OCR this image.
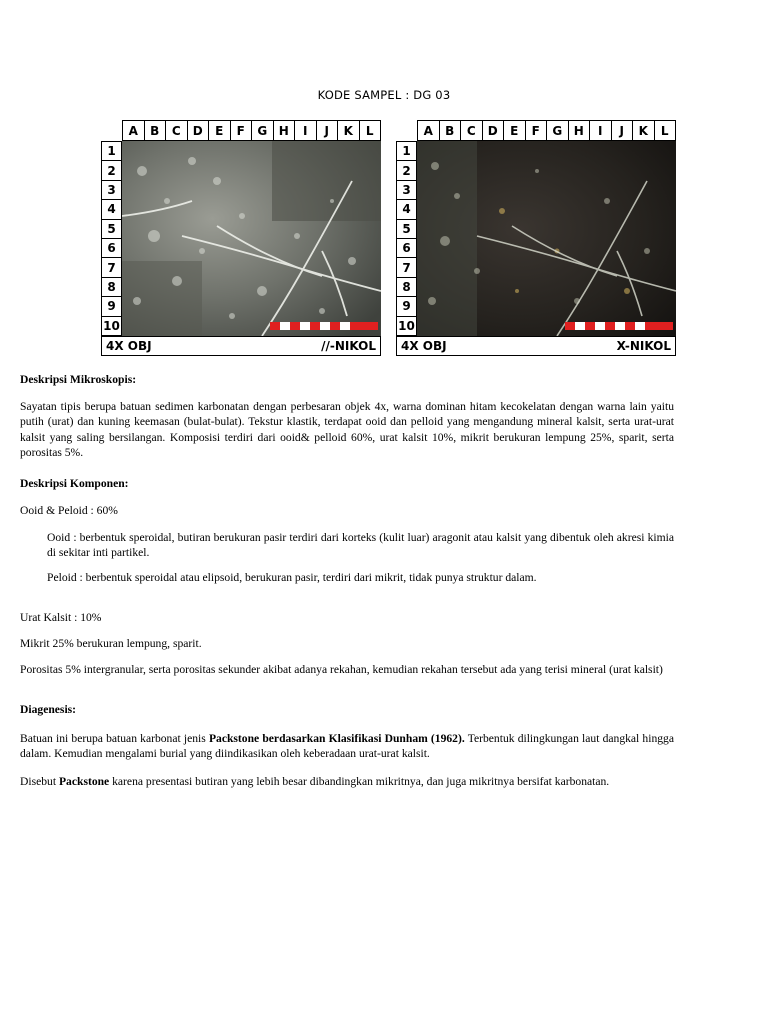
KODE SAMPEL : DG 03
A	B	C	D	E	F	G H	I	J	K	L
1
2
3
4
5
6
7
8
9
10
4X OBJ	//-NIKOL
A	B	C	D	E	F	G H	I	J	K	L
1
2
3
4
5
6
7
8
9
10
4X OBJ	X-NIKOL
Deskripsi Mikroskopis:
Sayatan tipis berupa batuan sedimen karbonatan dengan perbesaran objek 4x, warna dominan hitam kecokelatan dengan warna lain yaitu putih (urat) dan kuning keemasan (bulat-bulat). Tekstur klastik, terdapat ooid dan pelloid yang mengandung mineral kalsit, serta urat-urat kalsit yang saling bersilangan. Komposisi terdiri dari ooid& pelloid 60%, urat kalsit 10%, mikrit berukuran lempung 25%, sparit, serta porositas 5%.
Deskripsi Komponen:
Ooid & Peloid : 60%
Ooid : berbentuk speroidal, butiran berukuran pasir terdiri dari korteks (kulit luar) aragonit atau kalsit yang dibentuk oleh akresi kimia di sekitar inti partikel.
Peloid : berbentuk speroidal atau elipsoid, berukuran pasir, terdiri dari mikrit, tidak punya struktur dalam.
Urat Kalsit : 10%
Mikrit 25% berukuran lempung, sparit.
Porositas 5% intergranular, serta porositas sekunder akibat adanya rekahan, kemudian rekahan tersebut ada yang terisi mineral (urat kalsit)
Diagenesis:
Batuan ini berupa batuan karbonat jenis Packstone berdasarkan Klasifikasi Dunham (1962). Terbentuk dilingkungan laut dangkal hingga dalam. Kemudian mengalami burial yang diindikasikan oleh keberadaan urat-urat kalsit.
Disebut Packstone karena presentasi butiran yang lebih besar dibandingkan mikritnya, dan juga mikritnya bersifat karbonatan.
